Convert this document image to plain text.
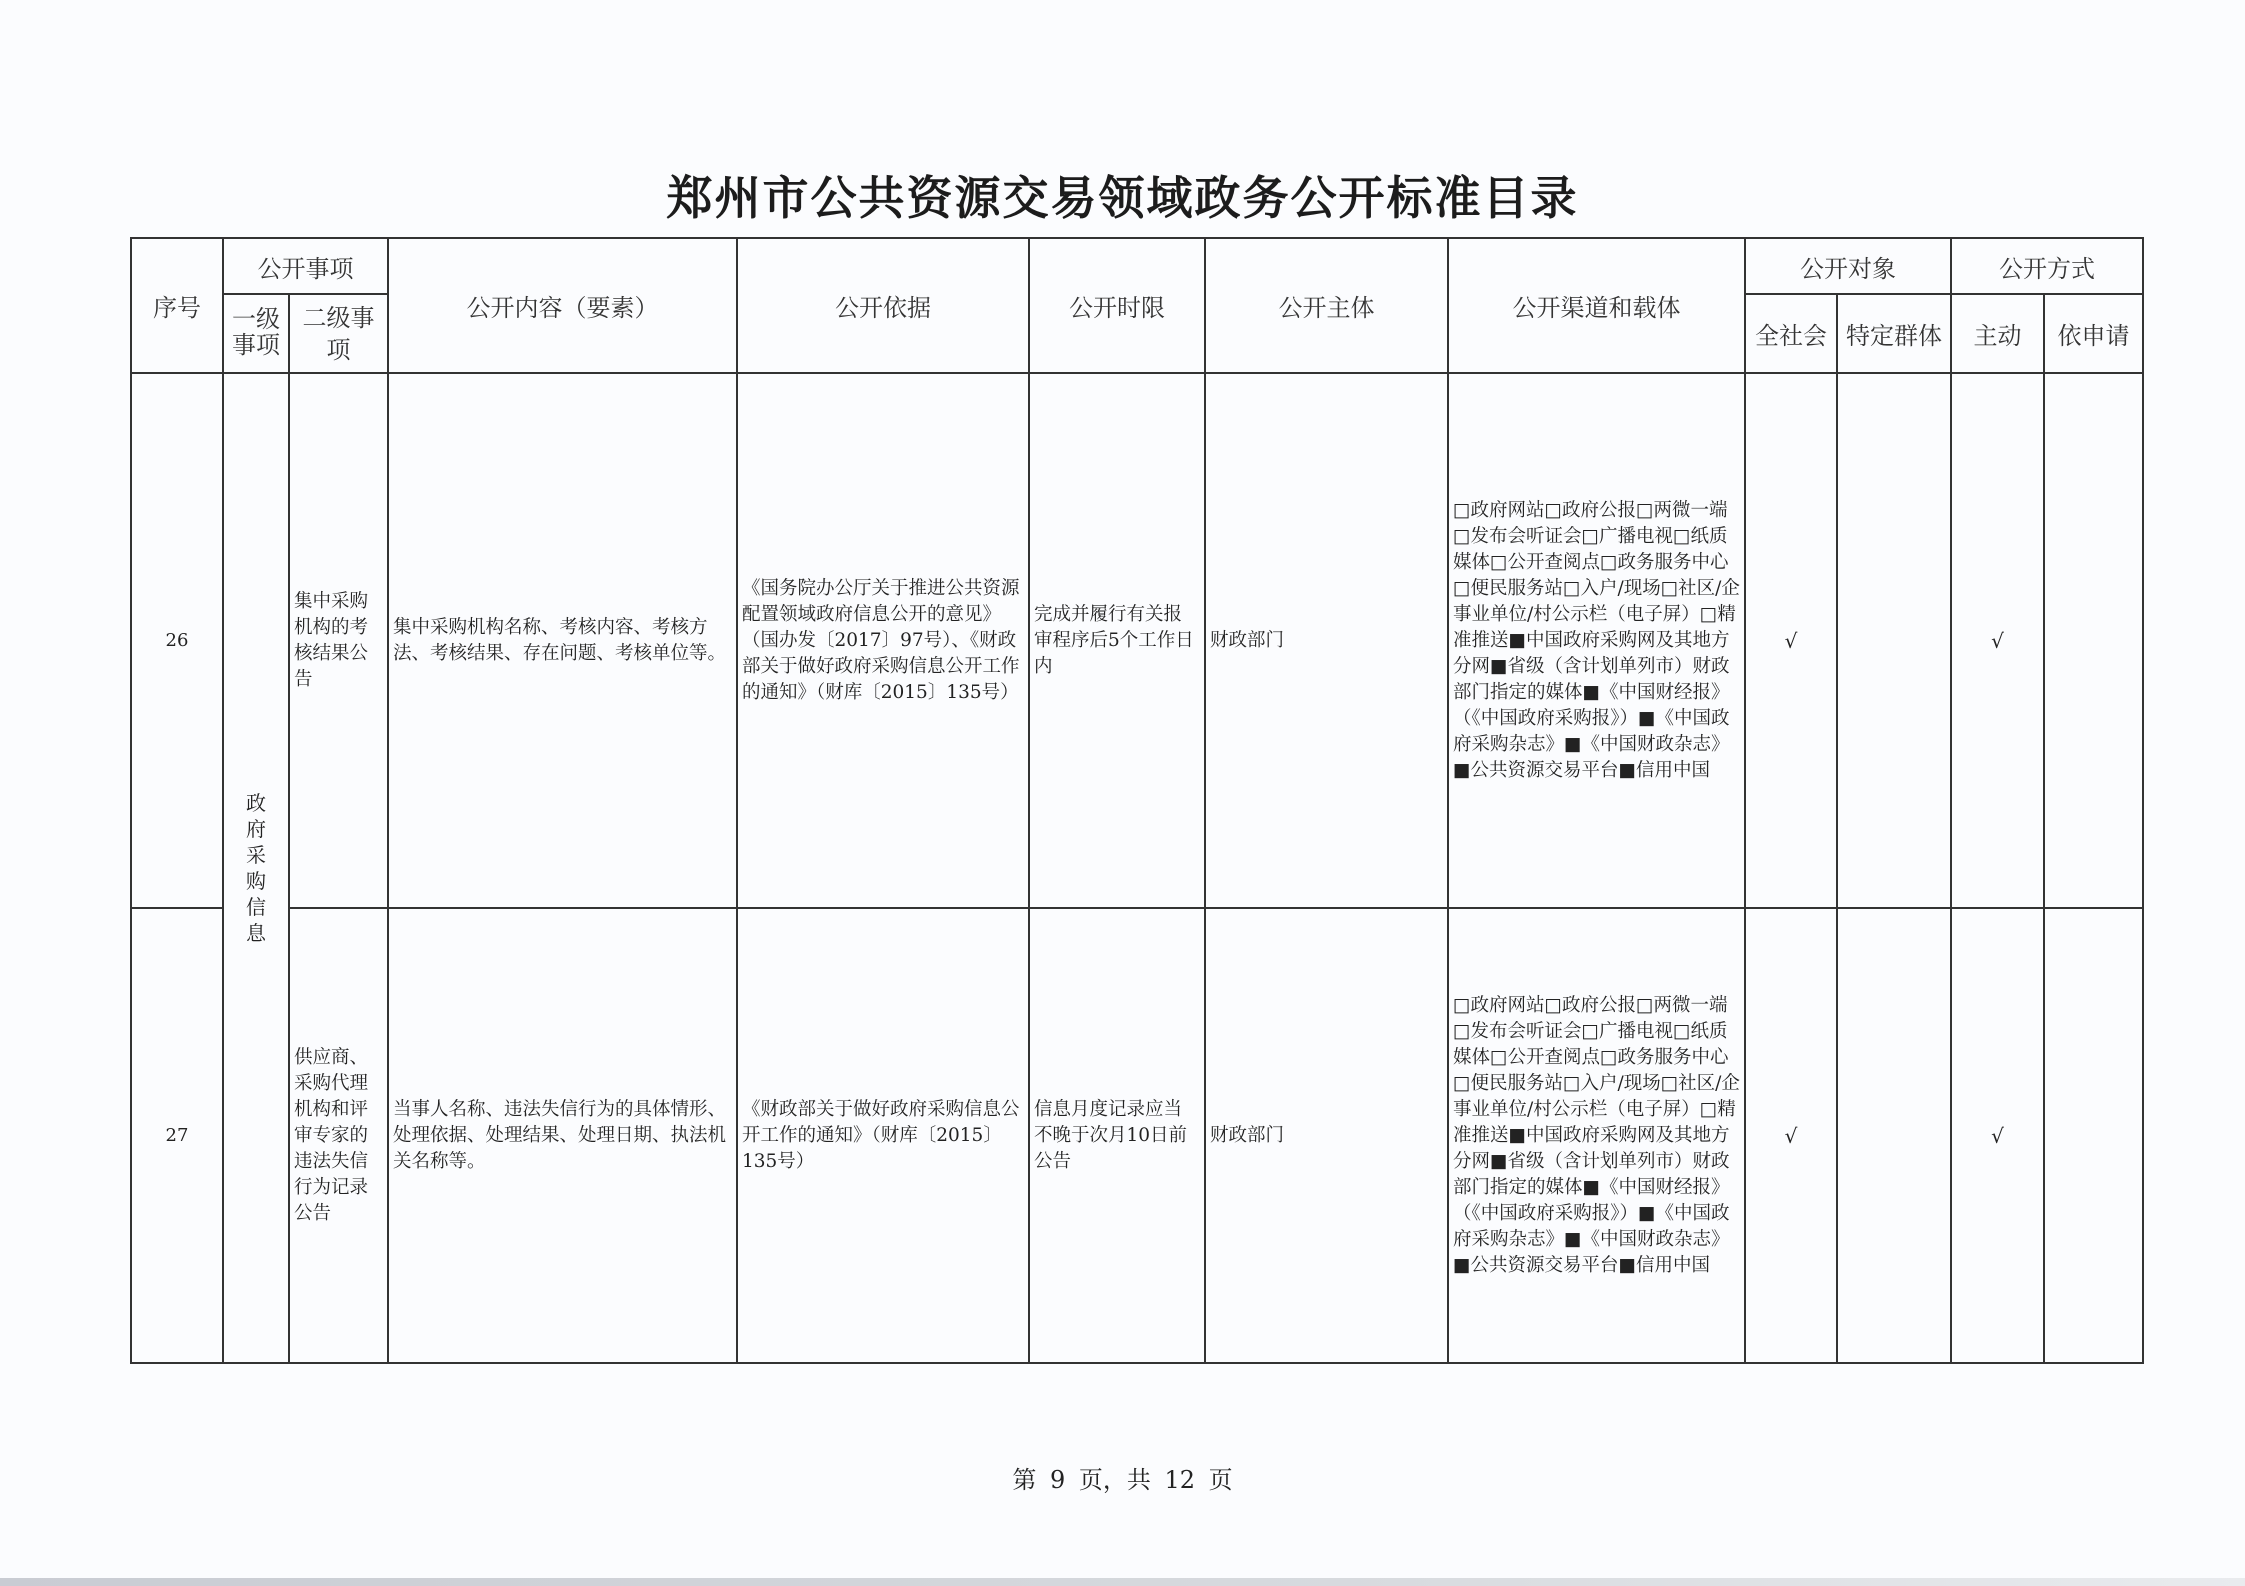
郑州市公共资源交易领域政务公开标准目录
序号	公开事项		公开内容（要素）	公开依据	公开时限	公开主体	公开渠道和载体	公开对象		公开方式	
	一级事项	二级事项						全社会	特定群体	主动	依申请
26	政府采购信息	集中采购机构的考核结果公告	集中采购机构名称、考核内容、考核方法、考核结果、存在问题、考核单位等。	《国务院办公厅关于推进公共资源配置领域政府信息公开的意见》（国办发〔2017〕97号）、《财政部关于做好政府采购信息公开工作的通知》（财库〔2015〕135号）	完成并履行有关报审程序后5个工作日内	财政部门	□政府网站□政府公报□两微一端□发布会听证会□广播电视□纸质媒体□公开查阅点□政务服务中心□便民服务站□入户/现场□社区/企事业单位/村公示栏（电子屏）□精准推送■中国政府采购网及其地方分网■省级（含计划单列市）财政部门指定的媒体■《中国财经报》（《中国政府采购报》）■《中国政府采购杂志》■《中国财政杂志》■公共资源交易平台■信用中国	√		√	
27		供应商、采购代理机构和评审专家的违法失信行为记录公告	当事人名称、违法失信行为的具体情形、处理依据、处理结果、处理日期、执法机关名称等。	《财政部关于做好政府采购信息公开工作的通知》（财库〔2015〕135号）	信息月度记录应当不晚于次月10日前公告	财政部门	□政府网站□政府公报□两微一端□发布会听证会□广播电视□纸质媒体□公开查阅点□政务服务中心□便民服务站□入户/现场□社区/企事业单位/村公示栏（电子屏）□精准推送■中国政府采购网及其地方分网■省级（含计划单列市）财政部门指定的媒体■《中国财经报》（《中国政府采购报》）■《中国政府采购杂志》■《中国财政杂志》■公共资源交易平台■信用中国	√		√	
第 9 页，共 12 页
